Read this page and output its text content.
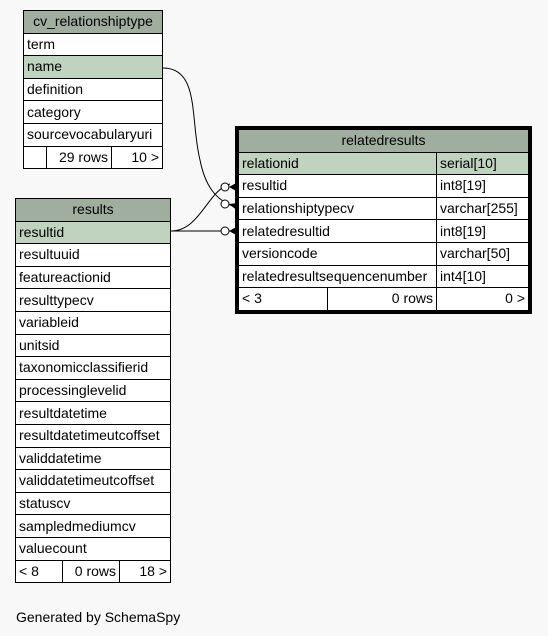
cv_relationshiptype
term
name
definition
category
sourcevocabularyuri
	29 rows	10 >
results
resultid
resultuuid
featureactionid
resulttypecv
variableid
unitsid
taxonomicclassifierid
processinglevelid
resultdatetime
resultdatetimeutcoffset
validdatetime
validdatetimeutcoffset
statuscv
sampledmediumcv
valuecount
< 8	0 rows	18 >
relatedresults		
relationid		serial[10]
resultid		int8[19]
relationshiptypecv		varchar[255]
relatedresultid		int8[19]
versioncode		varchar[50]
relatedresultsequencenumber		int4[10]
< 3	0 rows	0 >
Generated by SchemaSpy
